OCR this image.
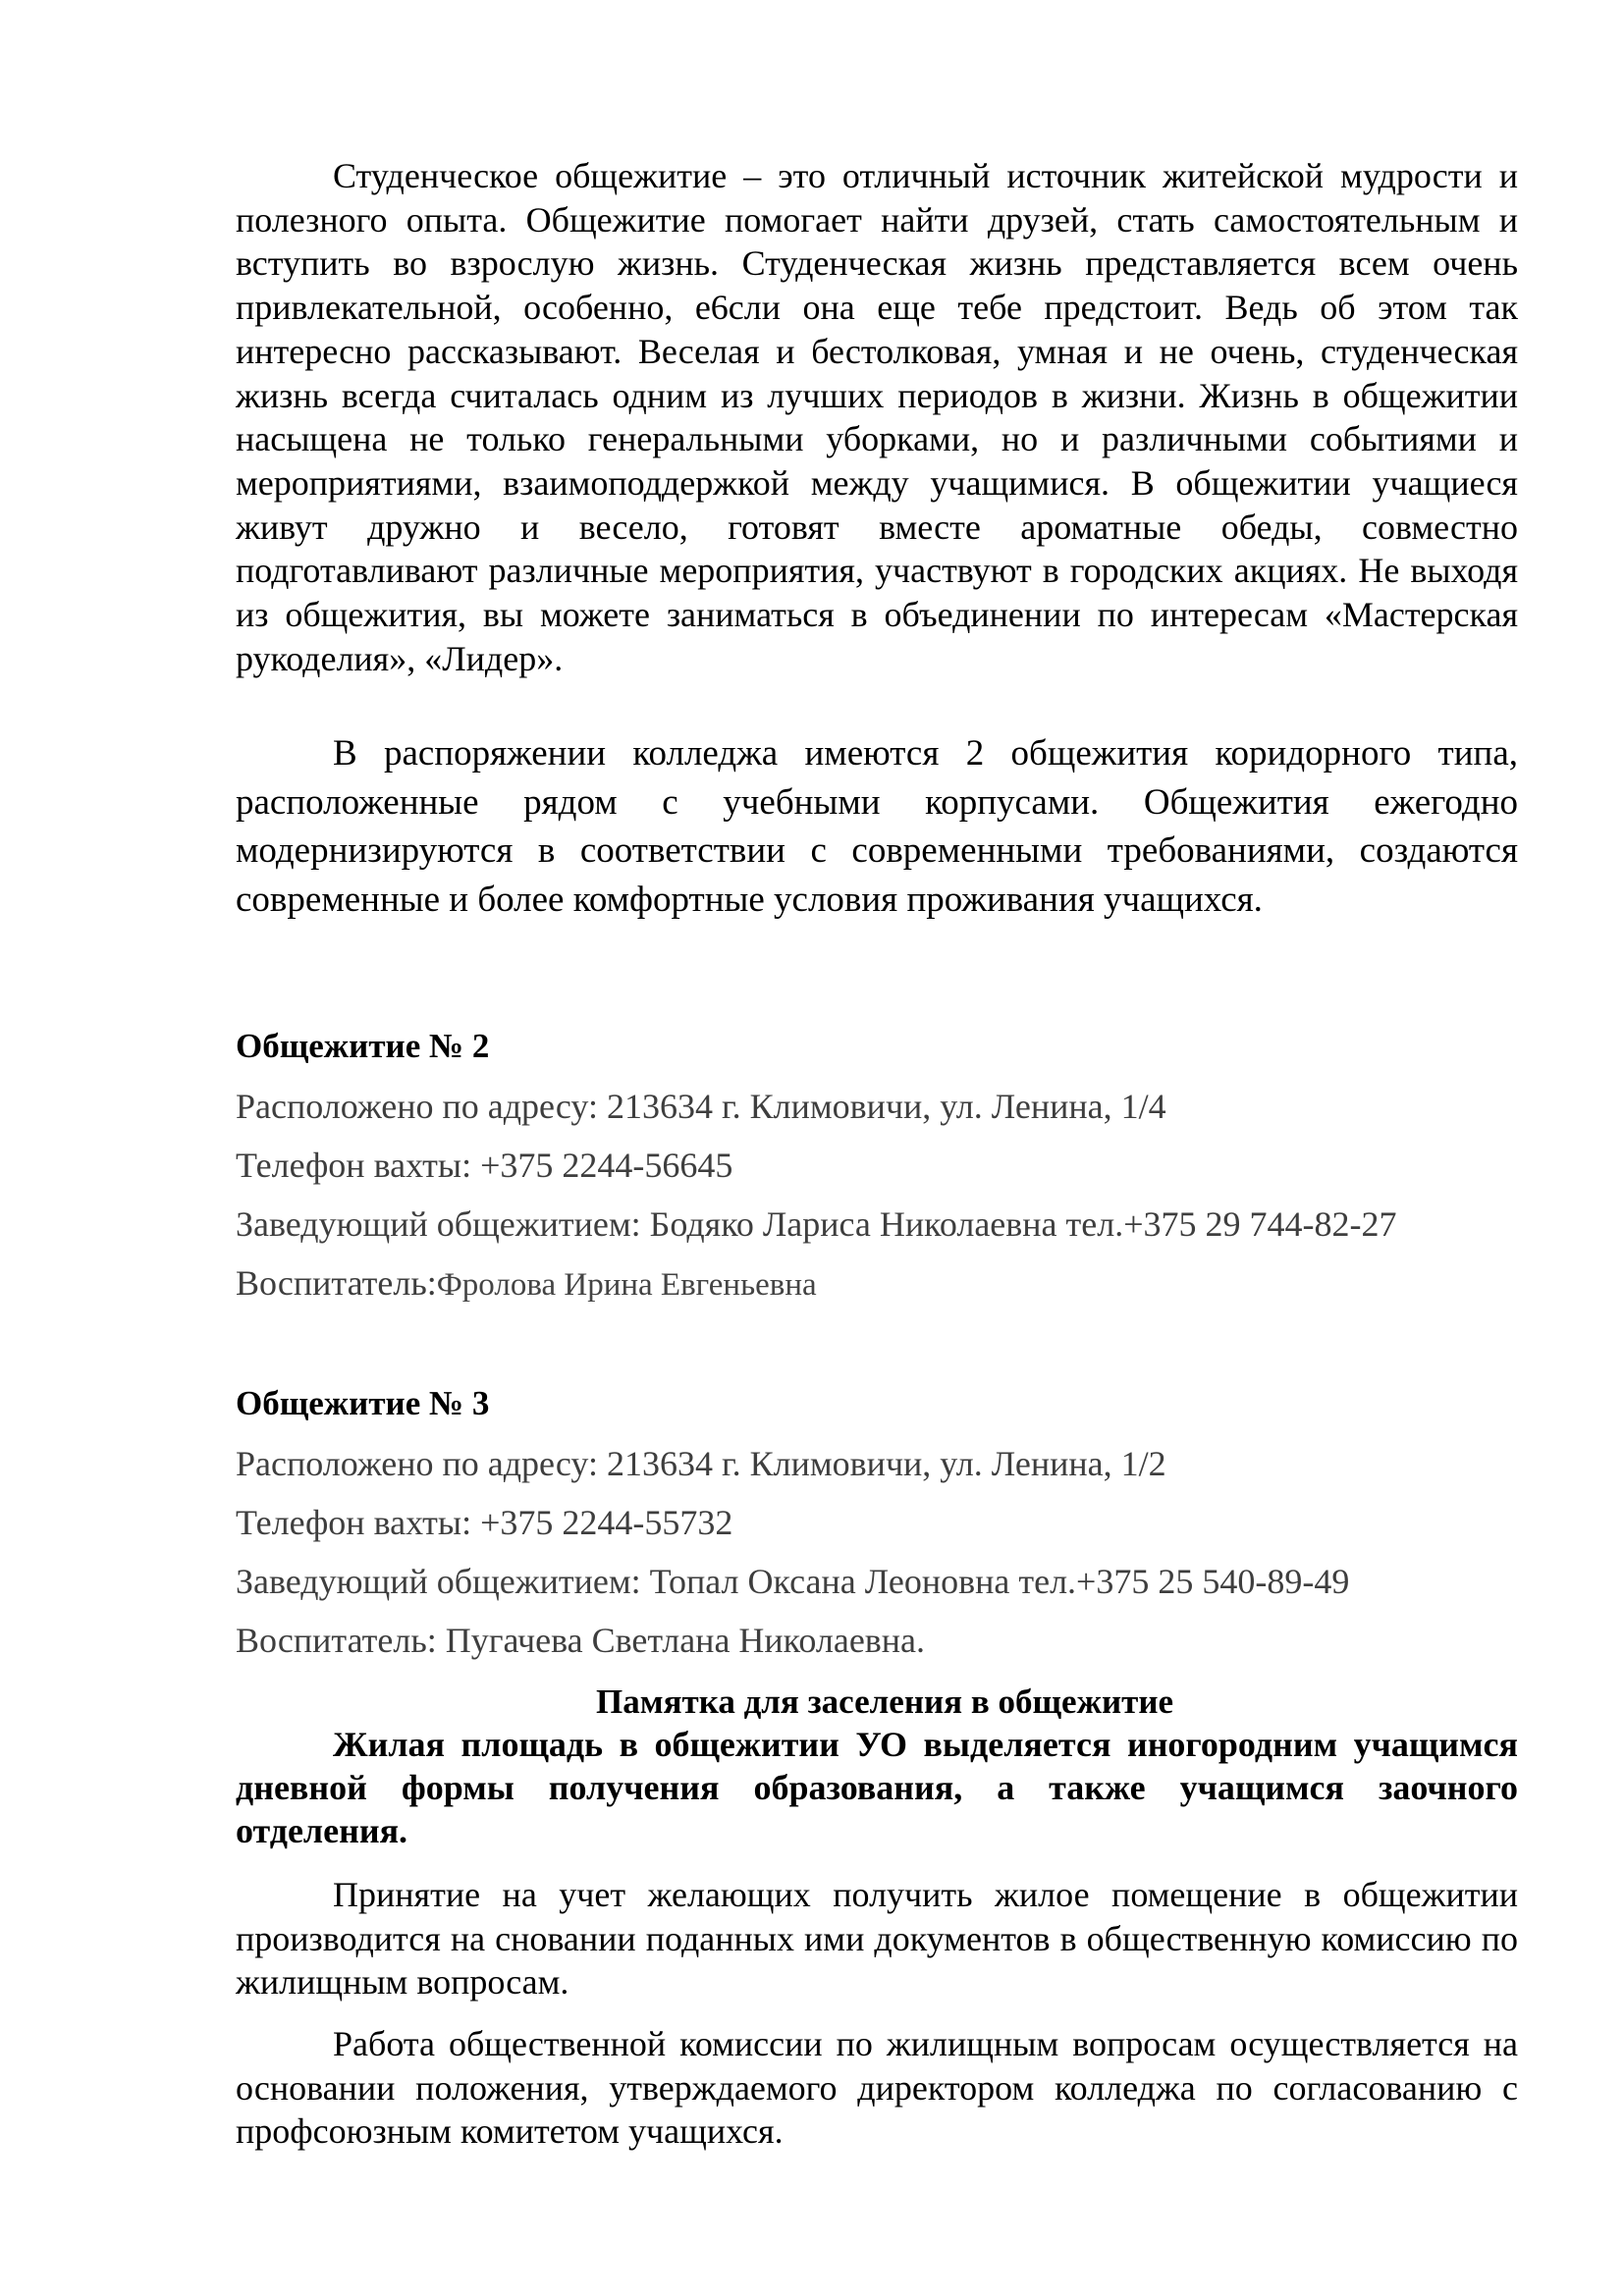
Студенческое общежитие – это отличный источник житейской мудрости и полезного опыта. Общежитие помогает найти друзей, стать самостоятельным и вступить во взрослую жизнь. Студенческая жизнь представляется всем очень привлекательной, особенно, е6сли она еще тебе предстоит. Ведь об этом так интересно рассказывают. Веселая и бестолковая, умная и не очень, студенческая жизнь всегда считалась одним из лучших периодов в жизни. Жизнь в общежитии насыщена не только генеральными уборками, но и различными событиями и мероприятиями, взаимоподдержкой между учащимися. В общежитии учащиеся живут дружно и весело, готовят вместе ароматные обеды, совместно подготавливают различные мероприятия, участвуют в городских акциях. Не выходя из общежития, вы можете заниматься в объединении по интересам «Мастерская рукоделия», «Лидер».

В распоряжении колледжа имеются 2 общежития коридорного типа, расположенные рядом с учебными корпусами. Общежития ежегодно модернизируются в соответствии с современными требованиями, создаются современные и более комфортные условия проживания учащихся.

Общежитие № 2

Расположено по адресу: 213634 г. Климовичи, ул. Ленина, 1/4

Телефон вахты: +375 2244-56645

Заведующий общежитием: Бодяко Лариса Николаевна тел.+375 29 744-82-27

Воспитатель:Фролова Ирина Евгеньевна

Общежитие № 3

Расположено по адресу: 213634 г. Климовичи, ул. Ленина, 1/2

Телефон вахты: +375 2244-55732

Заведующий общежитием: Топал Оксана Леоновна тел.+375 25 540-89-49

Воспитатель: Пугачева Светлана Николаевна.

Памятка для заселения в общежитие

Жилая площадь в общежитии УО выделяется иногородним учащимся дневной формы получения образования, а также учащимся заочного отделения.

Принятие на учет желающих получить жилое помещение в общежитии производится на сновании поданных ими документов в общественную комиссию по жилищным вопросам.

Работа общественной комиссии по жилищным вопросам осуществляется на основании положения, утверждаемого директором колледжа по согласованию с профсоюзным комитетом учащихся.
